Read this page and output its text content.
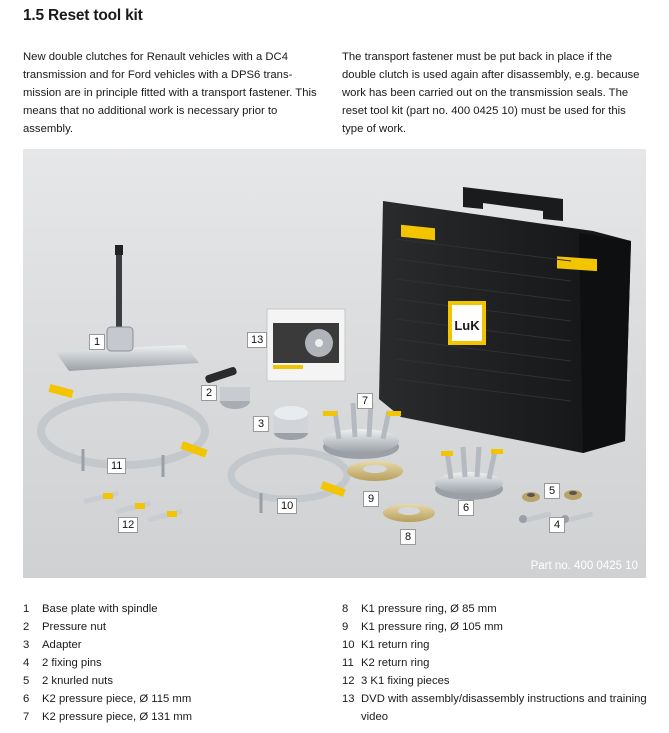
1.5 Reset tool kit
New double clutches for Renault vehicles with a DC4 transmission and for Ford vehicles with a DPS6 trans-mission are in principle fitted with a transport fastener. This means that no additional work is necessary prior to assembly.
The transport fastener must be put back in place if the double clutch is used again after disassembly, e.g. because work has been carried out on the transmission seals. The reset tool kit (part no. 400 0425 10) must be used for this type of work.
LuK
1
2
3
4
5
6
7
8
9
10
11
12
13
Part no. 400 0425 10
1	Base plate with spindle
2	Pressure nut
3	Adapter
4	2 fixing pins
5	2 knurled nuts
6	K2 pressure piece, Ø 115 mm
7	K2 pressure piece, Ø 131 mm
8	K1 pressure ring, Ø 85 mm
9	K1 pressure ring, Ø 105 mm
10 K1 return ring
11 K2 return ring
12 3 K1 fixing pieces
13 DVD with assembly/disassembly instructions and training video
